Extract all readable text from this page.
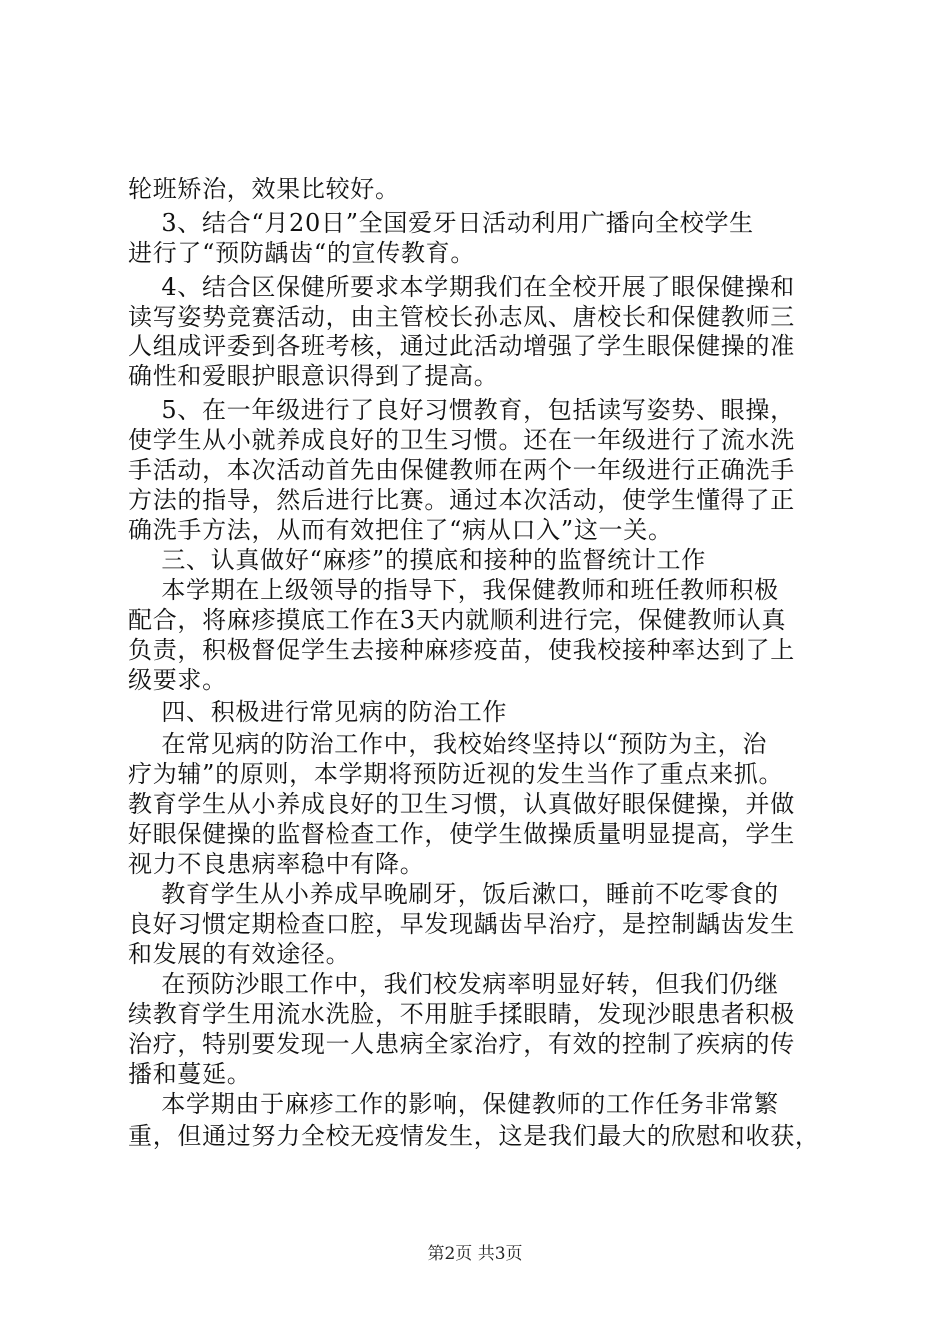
轮班矫治，效果比较好。
3、结合“月20日”全国爱牙日活动利用广播向全校学生
进行了“预防龋齿“的宣传教育。
4、结合区保健所要求本学期我们在全校开展了眼保健操和
读写姿势竞赛活动，由主管校长孙志凤、唐校长和保健教师三
人组成评委到各班考核，通过此活动增强了学生眼保健操的准
确性和爱眼护眼意识得到了提高。
5、在一年级进行了良好习惯教育，包括读写姿势、眼操，
使学生从小就养成良好的卫生习惯。还在一年级进行了流水洗
手活动，本次活动首先由保健教师在两个一年级进行正确洗手
方法的指导，然后进行比赛。通过本次活动，使学生懂得了正
确洗手方法，从而有效把住了“病从口入”这一关。
三、认真做好“麻疹”的摸底和接种的监督统计工作
本学期在上级领导的指导下，我保健教师和班任教师积极
配合，将麻疹摸底工作在3天内就顺利进行完，保健教师认真
负责，积极督促学生去接种麻疹疫苗，使我校接种率达到了上
级要求。
四、积极进行常见病的防治工作
在常见病的防治工作中，我校始终坚持以“预防为主，治
疗为辅”的原则，本学期将预防近视的发生当作了重点来抓。
教育学生从小养成良好的卫生习惯，认真做好眼保健操，并做
好眼保健操的监督检查工作，使学生做操质量明显提高，学生
视力不良患病率稳中有降。
教育学生从小养成早晚刷牙，饭后漱口，睡前不吃零食的
良好习惯定期检查口腔，早发现龋齿早治疗，是控制龋齿发生
和发展的有效途径。
在预防沙眼工作中，我们校发病率明显好转，但我们仍继
续教育学生用流水洗脸，不用脏手揉眼睛，发现沙眼患者积极
治疗，特别要发现一人患病全家治疗，有效的控制了疾病的传
播和蔓延。
本学期由于麻疹工作的影响，保健教师的工作任务非常繁
重，但通过努力全校无疫情发生，这是我们最大的欣慰和收获，
第2页 共3页
